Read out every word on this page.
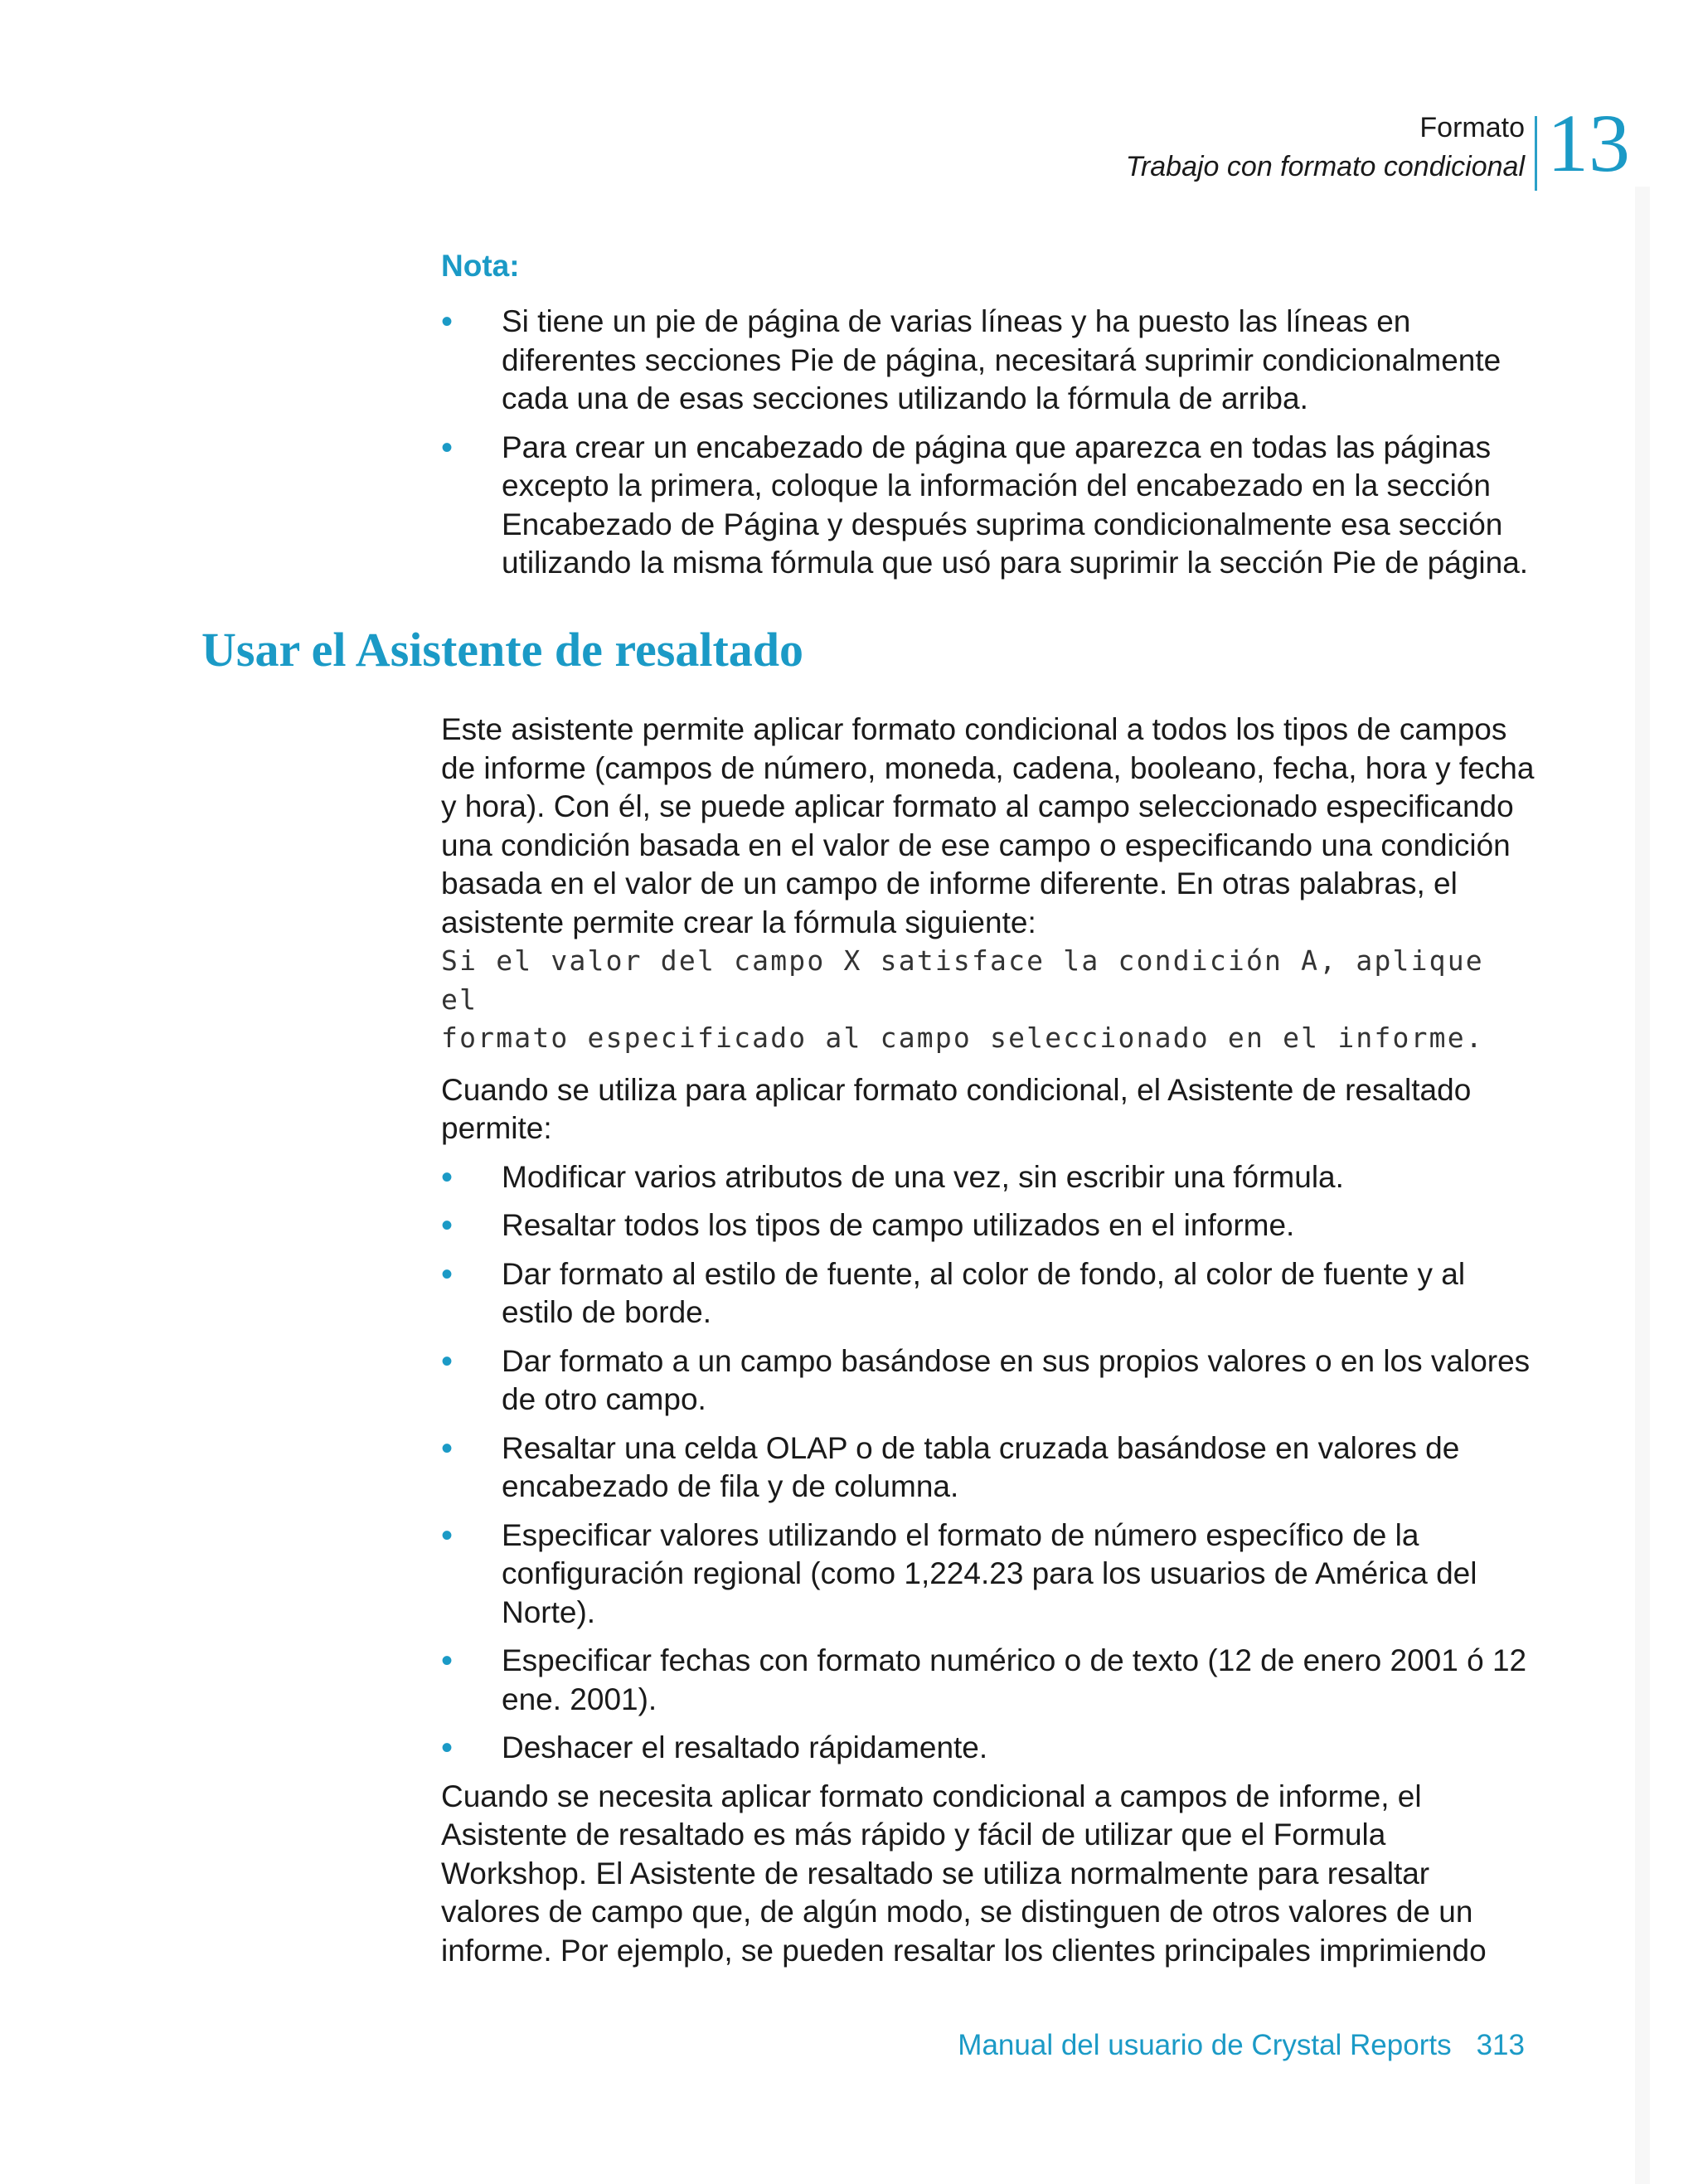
Formato
Trabajo con formato condicional 13
Nota:
•	Si tiene un pie de página de varias líneas y ha puesto las líneas en diferentes secciones Pie de página, necesitará suprimir condicionalmente cada una de esas secciones utilizando la fórmula de arriba.
•	Para crear un encabezado de página que aparezca en todas las páginas excepto la primera, coloque la información del encabezado en la sección Encabezado de Página y después suprima condicionalmente esa sección utilizando la misma fórmula que usó para suprimir la sección Pie de página.
Usar el Asistente de resaltado

Este asistente permite aplicar formato condicional a todos los tipos de campos de informe (campos de número, moneda, cadena, booleano, fecha, hora y fecha y hora). Con él, se puede aplicar formato al campo seleccionado especificando una condición basada en el valor de ese campo o especificando una condición basada en el valor de un campo de informe diferente. En otras palabras, el asistente permite crear la fórmula siguiente:

Si el valor del campo X satisface la condición A, aplique el
formato especificado al campo seleccionado en el informe.

Cuando se utiliza para aplicar formato condicional, el Asistente de resaltado permite:

•	Modificar varios atributos de una vez, sin escribir una fórmula.
•	Resaltar todos los tipos de campo utilizados en el informe.
•	Dar formato al estilo de fuente, al color de fondo, al color de fuente y al estilo de borde.
•	Dar formato a un campo basándose en sus propios valores o en los valores de otro campo.
•	Resaltar una celda OLAP o de tabla cruzada basándose en valores de encabezado de fila y de columna.
•	Especificar valores utilizando el formato de número específico de la configuración regional (como 1,224.23 para los usuarios de América del Norte).
•	Especificar fechas con formato numérico o de texto (12 de enero 2001 ó 12 ene. 2001).
•	Deshacer el resaltado rápidamente.

Cuando se necesita aplicar formato condicional a campos de informe, el Asistente de resaltado es más rápido y fácil de utilizar que el Formula Workshop. El Asistente de resaltado se utiliza normalmente para resaltar valores de campo que, de algún modo, se distinguen de otros valores de un informe. Por ejemplo, se pueden resaltar los clientes principales imprimiendo

Manual del usuario de Crystal Reports 313
